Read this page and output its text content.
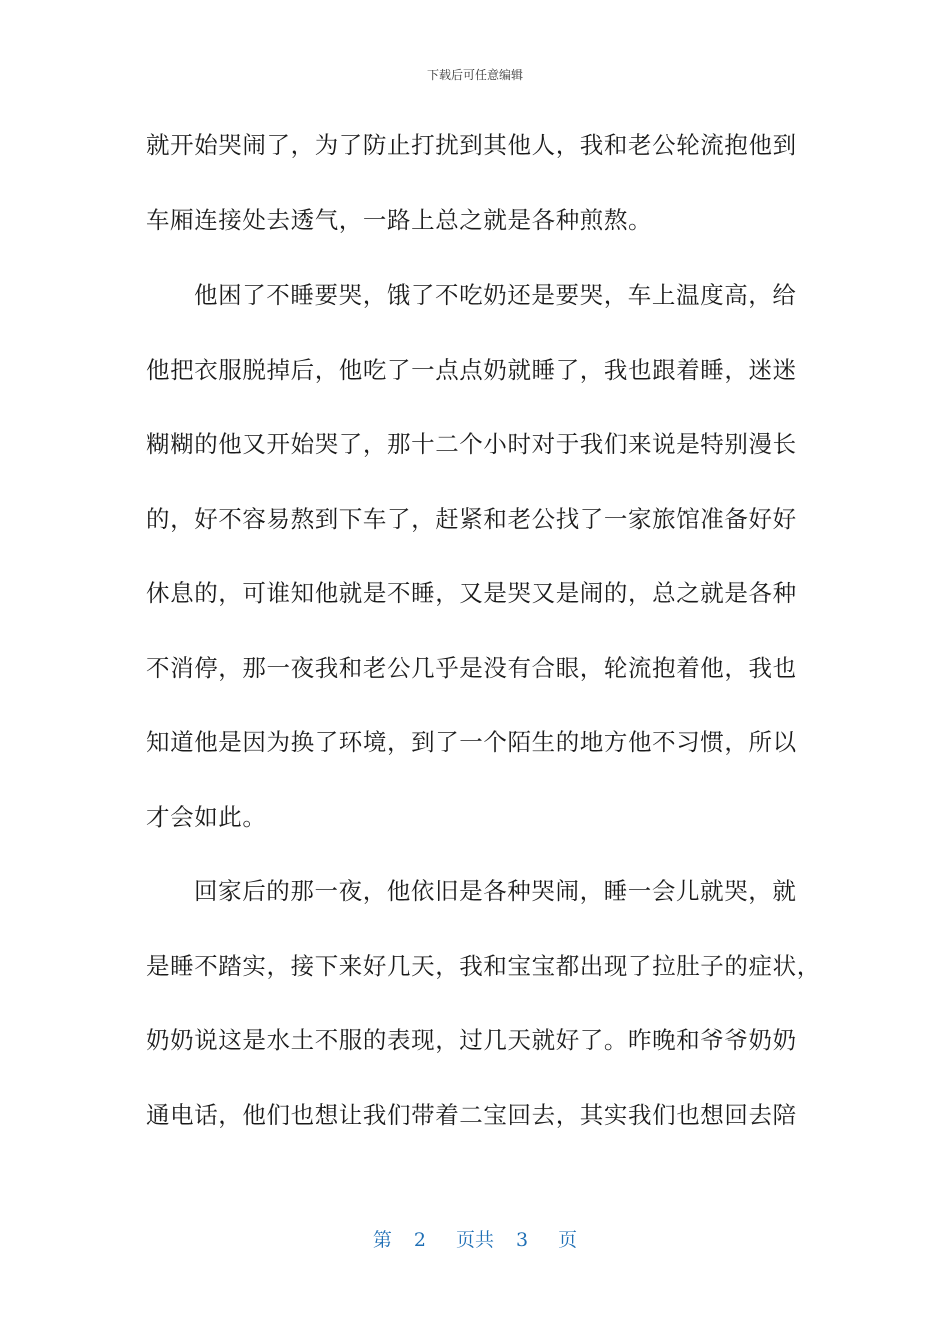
下载后可任意编辑
就开始哭闹了，为了防止打扰到其他人，我和老公轮流抱他到
车厢连接处去透气，一路上总之就是各种煎熬。
他困了不睡要哭，饿了不吃奶还是要哭，车上温度高，给
他把衣服脱掉后，他吃了一点点奶就睡了，我也跟着睡，迷迷
糊糊的他又开始哭了，那十二个小时对于我们来说是特别漫长
的，好不容易熬到下车了，赶紧和老公找了一家旅馆准备好好
休息的，可谁知他就是不睡，又是哭又是闹的，总之就是各种
不消停，那一夜我和老公几乎是没有合眼，轮流抱着他，我也
知道他是因为换了环境，到了一个陌生的地方他不习惯，所以
才会如此。
回家后的那一夜，他依旧是各种哭闹，睡一会儿就哭，就
是睡不踏实，接下来好几天，我和宝宝都出现了拉肚子的症状，
奶奶说这是水土不服的表现，过几天就好了。昨晚和爷爷奶奶
通电话，他们也想让我们带着二宝回去，其实我们也想回去陪
第 2 页共 3 页
